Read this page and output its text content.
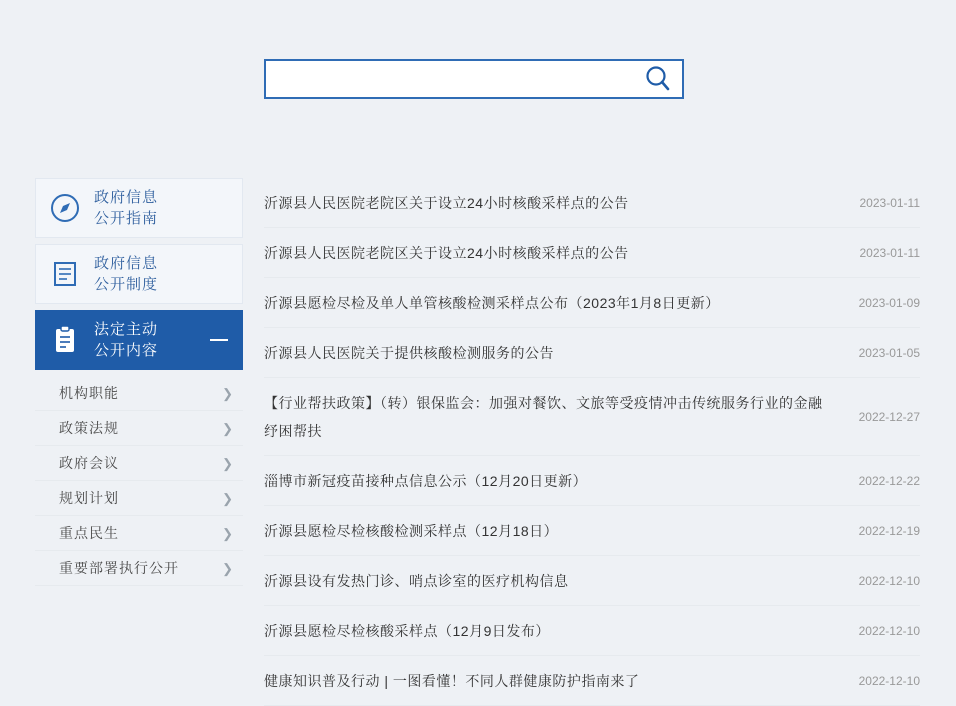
政府信息
公开指南
政府信息
公开制度
法定主动
公开内容
机构职能	❯
政策法规	❯
政府会议	❯
规划计划	❯
重点民生	❯
重要部署执行公开	❯
沂源县人民医院老院区关于设立24小时核酸采样点的公告	2023-01-11
沂源县人民医院老院区关于设立24小时核酸采样点的公告	2023-01-11
沂源县愿检尽检及单人单管核酸检测采样点公布（2023年1月8日更新）	2023-01-09
沂源县人民医院关于提供核酸检测服务的公告	2023-01-05
【行业帮扶政策】（转）银保监会：加强对餐饮、文旅等受疫情冲击传统服务行业的金融纾困帮扶
2022-12-27
淄博市新冠疫苗接种点信息公示（12月20日更新）	2022-12-22
沂源县愿检尽检核酸检测采样点（12月18日）	2022-12-19
沂源县设有发热门诊、哨点诊室的医疗机构信息	2022-12-10
沂源县愿检尽检核酸采样点（12月9日发布）	2022-12-10
健康知识普及行动 | 一图看懂！不同人群健康防护指南来了	2022-12-10
